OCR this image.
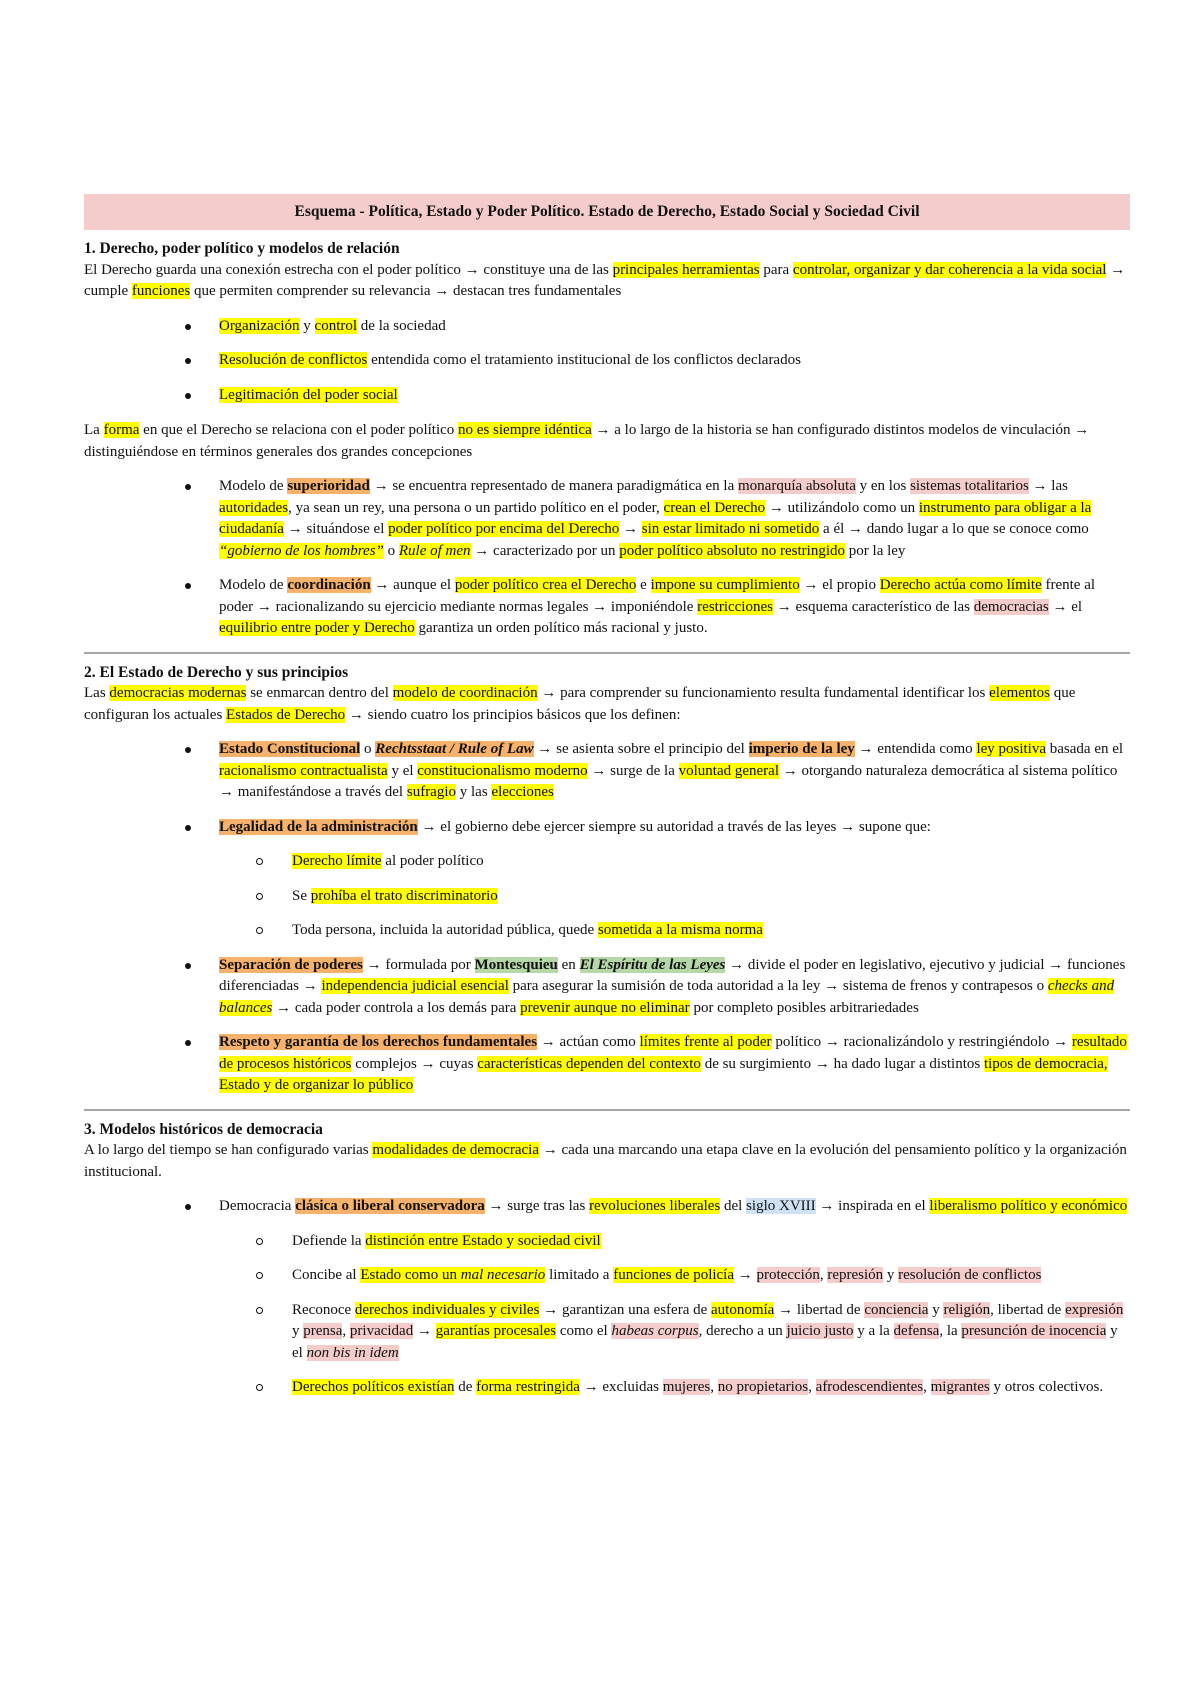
Esquema - Política, Estado y Poder Político. Estado de Derecho, Estado Social y Sociedad Civil
1. Derecho, poder político y modelos de relación

El Derecho guarda una conexión estrecha con el poder político → constituye una de las principales herramientas para controlar, organizar y dar coherencia a la vida social → cumple funciones que permiten comprender su relevancia → destacan tres fundamentales

Organización y control de la sociedad
Resolución de conflictos entendida como el tratamiento institucional de los conflictos declarados
Legitimación del poder social

La forma en que el Derecho se relaciona con el poder político no es siempre idéntica → a lo largo de la historia se han configurado distintos modelos de vinculación → distinguiéndose en términos generales dos grandes concepciones

Modelo de superioridad → se encuentra representado de manera paradigmática en la monarquía absoluta y en los sistemas totalitarios → las autoridades, ya sean un rey, una persona o un partido político en el poder, crean el Derecho → utilizándolo como un instrumento para obligar a la ciudadanía → situándose el poder político por encima del Derecho → sin estar limitado ni sometido a él → dando lugar a lo que se conoce como “gobierno de los hombres” o Rule of men → caracterizado por un poder político absoluto no restringido por la ley
Modelo de coordinación → aunque el poder político crea el Derecho e impone su cumplimiento → el propio Derecho actúa como límite frente al poder → racionalizando su ejercicio mediante normas legales → imponiéndole restricciones → esquema característico de las democracias → el equilibrio entre poder y Derecho garantiza un orden político más racional y justo.
2. El Estado de Derecho y sus principios

Las democracias modernas se enmarcan dentro del modelo de coordinación → para comprender su funcionamiento resulta fundamental identificar los elementos que configuran los actuales Estados de Derecho → siendo cuatro los principios básicos que los definen:

Estado Constitucional o Rechtsstaat / Rule of Law → se asienta sobre el principio del imperio de la ley → entendida como ley positiva basada en el racionalismo contractualista y el constitucionalismo moderno → surge de la voluntad general → otorgando naturaleza democrática al sistema político → manifestándose a través del sufragio y las elecciones
Legalidad de la administración → el gobierno debe ejercer siempre su autoridad a través de las leyes → supone que:
Derecho límite al poder político
Se prohíba el trato discriminatorio
Toda persona, incluida la autoridad pública, quede sometida a la misma norma
Separación de poderes → formulada por Montesquieu en El Espíritu de las Leyes → divide el poder en legislativo, ejecutivo y judicial → funciones diferenciadas → independencia judicial esencial para asegurar la sumisión de toda autoridad a la ley → sistema de frenos y contrapesos o checks and balances → cada poder controla a los demás para prevenir aunque no eliminar por completo posibles arbitrariedades
Respeto y garantía de los derechos fundamentales → actúan como límites frente al poder político → racionalizándolo y restringiéndolo → resultado de procesos históricos complejos → cuyas características dependen del contexto de su surgimiento → ha dado lugar a distintos tipos de democracia, Estado y de organizar lo público
3. Modelos históricos de democracia

A lo largo del tiempo se han configurado varias modalidades de democracia → cada una marcando una etapa clave en la evolución del pensamiento político y la organización institucional.

Democracia clásica o liberal conservadora → surge tras las revoluciones liberales del siglo XVIII → inspirada en el liberalismo político y económico
Defiende la distinción entre Estado y sociedad civil
Concibe al Estado como un mal necesario limitado a funciones de policía → protección, represión y resolución de conflictos
Reconoce derechos individuales y civiles → garantizan una esfera de autonomía → libertad de conciencia y religión, libertad de expresión y prensa, privacidad → garantías procesales como el habeas corpus, derecho a un juicio justo y a la defensa, la presunción de inocencia y el non bis in idem
Derechos políticos existían de forma restringida → excluidas mujeres, no propietarios, afrodescendientes, migrantes y otros colectivos.
